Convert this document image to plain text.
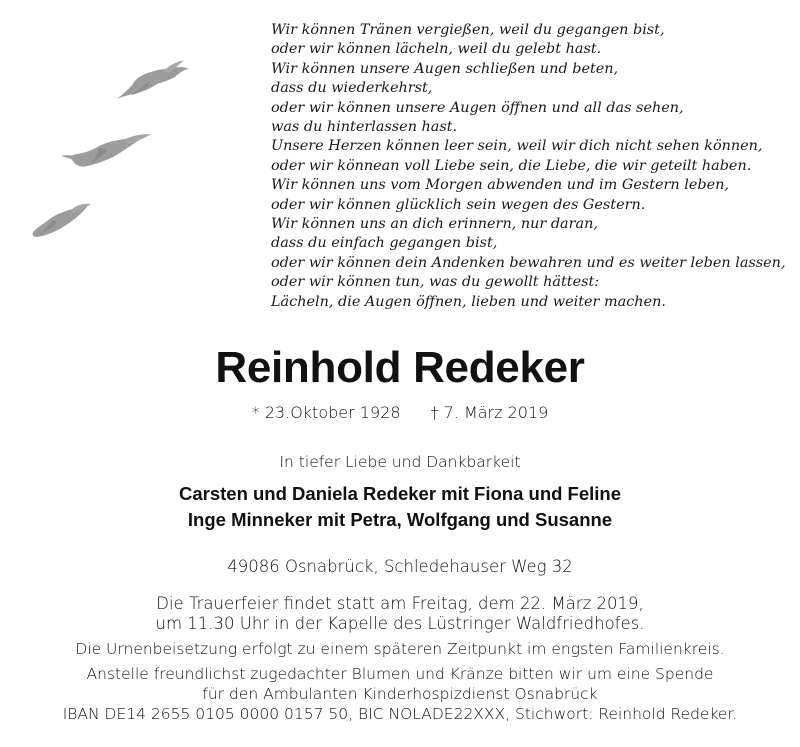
Wir können Tränen vergießen, weil du gegangen bist,
oder wir können lächeln, weil du gelebt hast.
Wir können unsere Augen schließen und beten,
dass du wiederkehrst,
oder wir können unsere Augen öffnen und all das sehen,
was du hinterlassen hast.
Unsere Herzen können leer sein, weil wir dich nicht sehen können,
oder wir könnean voll Liebe sein, die Liebe, die wir geteilt haben.
Wir können uns vom Morgen abwenden und im Gestern leben,
oder wir können glücklich sein wegen des Gestern.
Wir können uns an dich erinnern, nur daran,
dass du einfach gegangen bist,
oder wir können dein Andenken bewahren und es weiter leben lassen,
oder wir können tun, was du gewollt hättest:
Lächeln, die Augen öffnen, lieben und weiter machen.
Reinhold Redeker
* 23.Oktober 1928 † 7. März 2019
In tiefer Liebe und Dankbarkeit
Carsten und Daniela Redeker mit Fiona und Feline
Inge Minneker mit Petra, Wolfgang und Susanne
49086 Osnabrück, Schledehauser Weg 32
Die Trauerfeier findet statt am Freitag, dem 22. März 2019,
um 11.30 Uhr in der Kapelle des Lüstringer Waldfriedhofes.
Die Urnenbeisetzung erfolgt zu einem späteren Zeitpunkt im engsten Familienkreis.
Anstelle freundlichst zugedachter Blumen und Kränze bitten wir um eine Spende
für den Ambulanten Kinderhospizdienst Osnabrück
IBAN DE14 2655 0105 0000 0157 50, BIC NOLADE22XXX, Stichwort: Reinhold Redeker.
